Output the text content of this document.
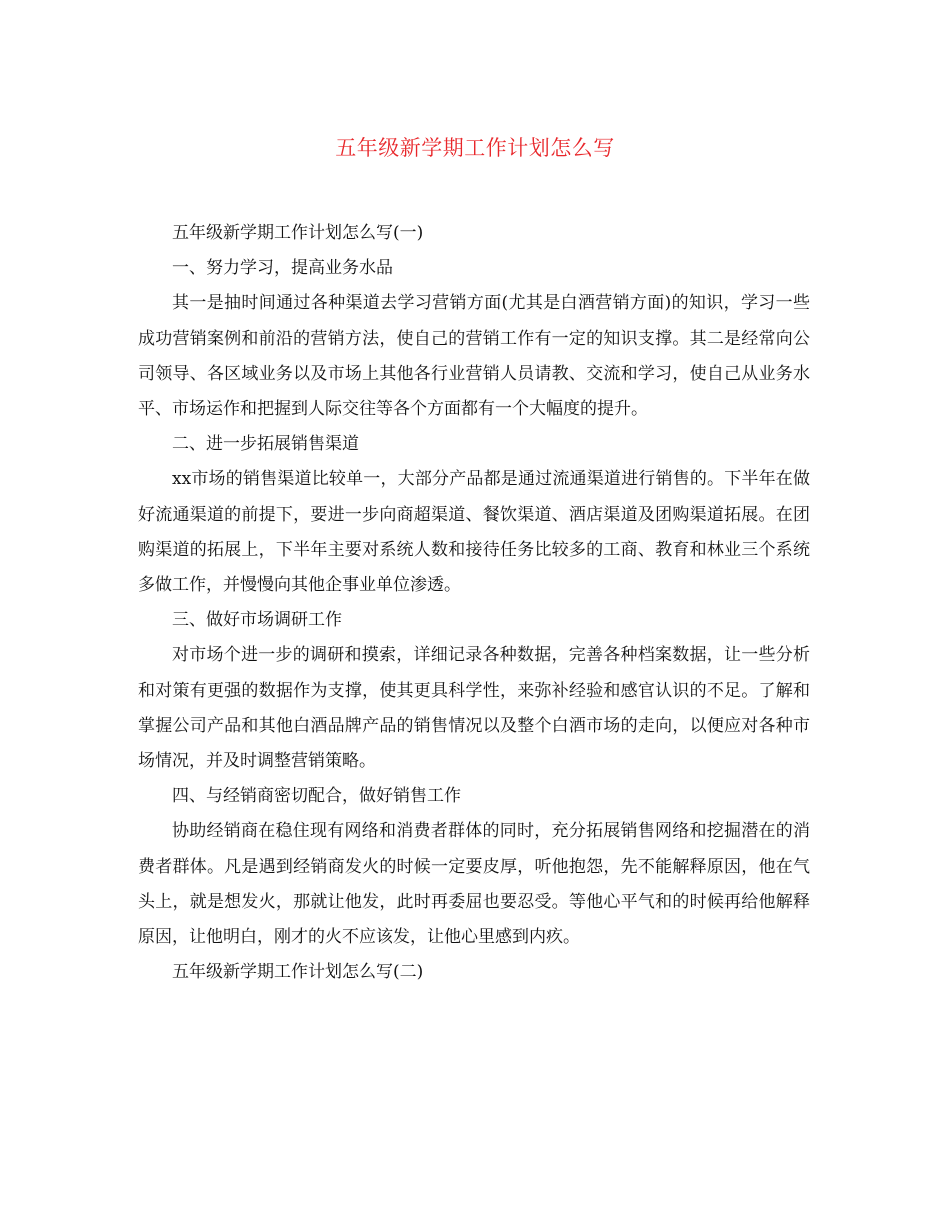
五年级新学期工作计划怎么写

五年级新学期工作计划怎么写(一)

一、努力学习，提高业务水品

其一是抽时间通过各种渠道去学习营销方面(尤其是白酒营销方面)的知识，学习一些成功营销案例和前沿的营销方法，使自己的营销工作有一定的知识支撑。其二是经常向公司领导、各区域业务以及市场上其他各行业营销人员请教、交流和学习，使自己从业务水平、市场运作和把握到人际交往等各个方面都有一个大幅度的提升。

二、进一步拓展销售渠道

xx市场的销售渠道比较单一，大部分产品都是通过流通渠道进行销售的。下半年在做好流通渠道的前提下，要进一步向商超渠道、餐饮渠道、酒店渠道及团购渠道拓展。在团购渠道的拓展上，下半年主要对系统人数和接待任务比较多的工商、教育和林业三个系统多做工作，并慢慢向其他企事业单位渗透。

三、做好市场调研工作

对市场个进一步的调研和摸索，详细记录各种数据，完善各种档案数据，让一些分析和对策有更强的数据作为支撑，使其更具科学性，来弥补经验和感官认识的不足。了解和掌握公司产品和其他白酒品牌产品的销售情况以及整个白酒市场的走向，以便应对各种市场情况，并及时调整营销策略。

四、与经销商密切配合，做好销售工作

协助经销商在稳住现有网络和消费者群体的同时，充分拓展销售网络和挖掘潜在的消费者群体。凡是遇到经销商发火的时候一定要皮厚，听他抱怨，先不能解释原因，他在气头上，就是想发火，那就让他发，此时再委屈也要忍受。等他心平气和的时候再给他解释原因，让他明白，刚才的火不应该发，让他心里感到内疚。

五年级新学期工作计划怎么写(二)
